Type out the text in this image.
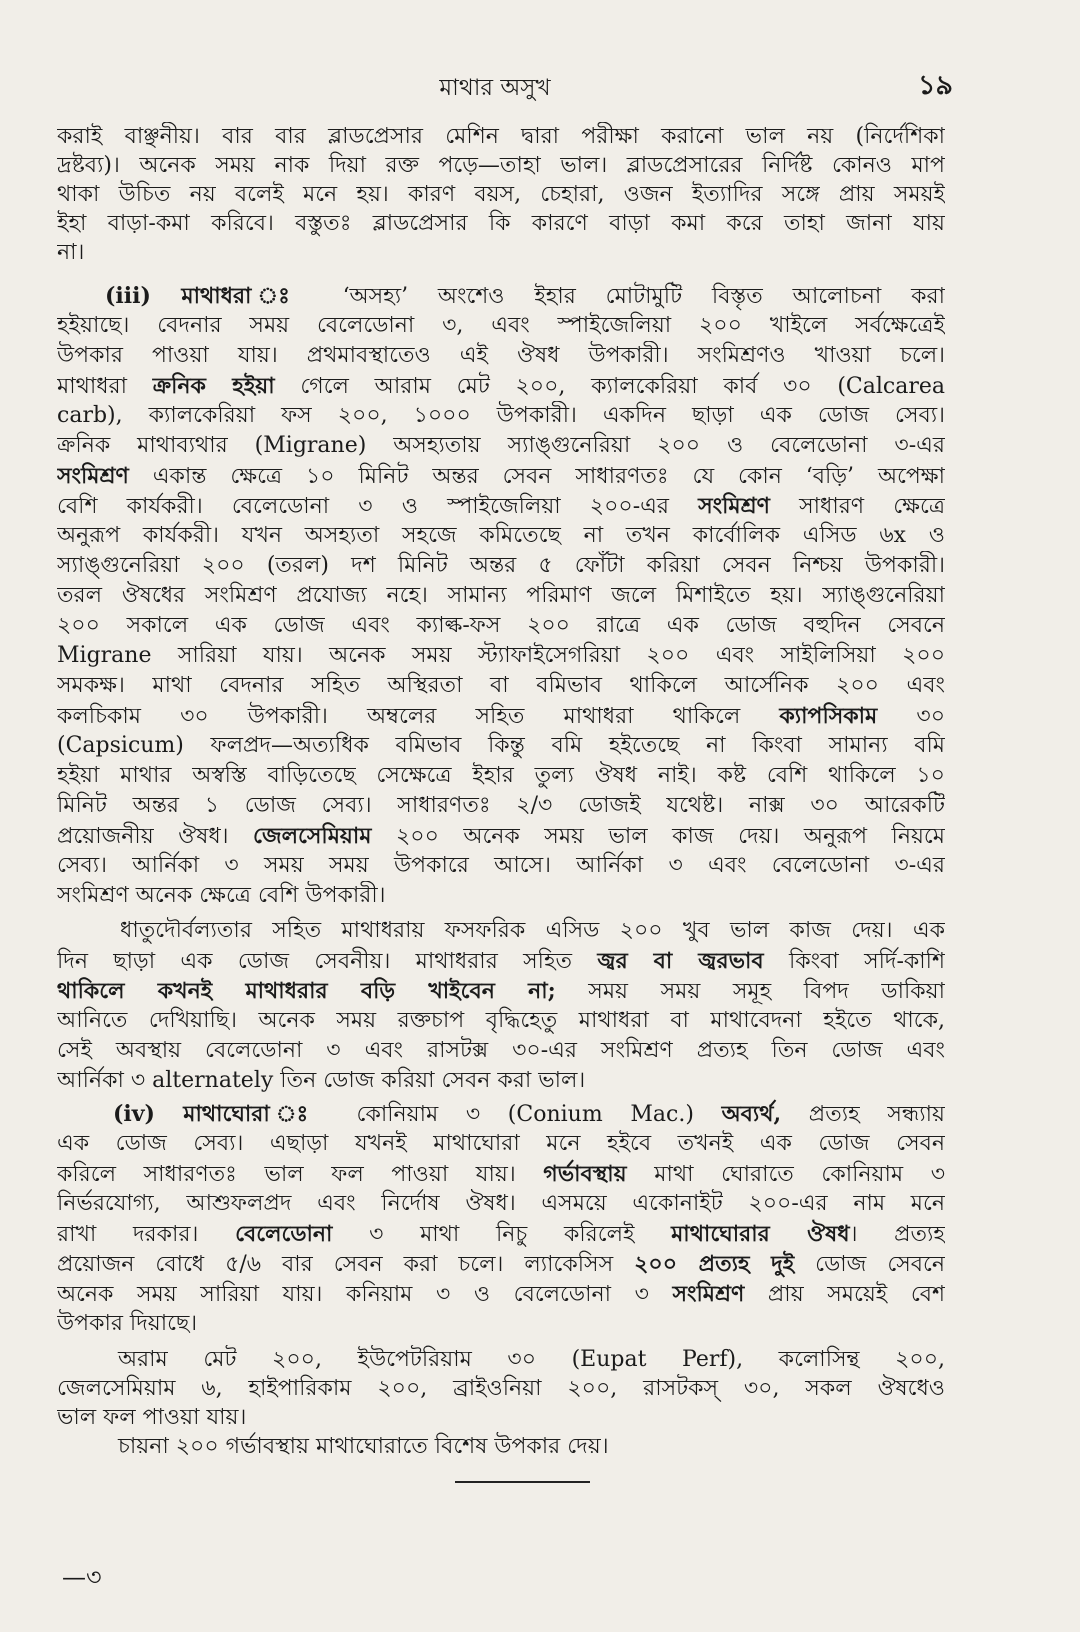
মাথার অসুখ	১৯
করাই বাঞ্ছনীয়। বার বার ব্লাডপ্রেসার মেশিন দ্বারা পরীক্ষা করানো ভাল নয় (নির্দেশিকা
দ্রষ্টব্য)। অনেক সময় নাক দিয়া রক্ত পড়ে—তাহা ভাল। ব্লাডপ্রেসারের নির্দিষ্ট কোনও মাপ
থাকা উচিত নয় বলেই মনে হয়। কারণ বয়স, চেহারা, ওজন ইত্যাদির সঙ্গে প্রায় সময়ই
ইহা বাড়া-কমা করিবে। বস্তুতঃ ব্লাডপ্রেসার কি কারণে বাড়া কমা করে তাহা জানা যায়
না।
(iii) মাথাধরা ঃ ‘অসহ্য’ অংশেও ইহার মোটামুটি বিস্তৃত আলোচনা করা
হইয়াছে। বেদনার সময় বেলেডোনা ৩, এবং স্পাইজেলিয়া ২০০ খাইলে সর্বক্ষেত্রেই
উপকার পাওয়া যায়। প্রথমাবস্থাতেও এই ঔষধ উপকারী। সংমিশ্রণও খাওয়া চলে।
মাথাধরা ক্রনিক হইয়া গেলে আরাম মেট ২০০, ক্যালকেরিয়া কার্ব ৩০ (Calcarea
carb), ক্যালকেরিয়া ফস ২০০, ১০০০ উপকারী। একদিন ছাড়া এক ডোজ সেব্য।
ক্রনিক মাথাব্যথার (Migrane) অসহ্যতায় স্যাঙ্গুনেরিয়া ২০০ ও বেলেডোনা ৩-এর
সংমিশ্রণ একান্ত ক্ষেত্রে ১০ মিনিট অন্তর সেবন সাধারণতঃ যে কোন ‘বড়ি’ অপেক্ষা
বেশি কার্যকরী। বেলেডোনা ৩ ও স্পাইজেলিয়া ২০০-এর সংমিশ্রণ সাধারণ ক্ষেত্রে
অনুরূপ কার্যকরী। যখন অসহ্যতা সহজে কমিতেছে না তখন কার্বোলিক এসিড ৬x ও
স্যাঙ্গুনেরিয়া ২০০ (তরল) দশ মিনিট অন্তর ৫ ফোঁটা করিয়া সেবন নিশ্চয় উপকারী।
তরল ঔষধের সংমিশ্রণ প্রযোজ্য নহে। সামান্য পরিমাণ জলে মিশাইতে হয়। স্যাঙ্গুনেরিয়া
২০০ সকালে এক ডোজ এবং ক্যাল্ক-ফস ২০০ রাত্রে এক ডোজ বহুদিন সেবনে
Migrane সারিয়া যায়। অনেক সময় স্ট্যাফাইসেগরিয়া ২০০ এবং সাইলিসিয়া ২০০
সমকক্ষ। মাথা বেদনার সহিত অস্থিরতা বা বমিভাব থাকিলে আর্সেনিক ২০০ এবং
কলচিকাম ৩০ উপকারী। অম্বলের সহিত মাথাধরা থাকিলে ক্যাপসিকাম ৩০
(Capsicum) ফলপ্রদ—অত্যধিক বমিভাব কিন্তু বমি হইতেছে না কিংবা সামান্য বমি
হইয়া মাথার অস্বস্তি বাড়িতেছে সেক্ষেত্রে ইহার তুল্য ঔষধ নাই। কষ্ট বেশি থাকিলে ১০
মিনিট অন্তর ১ ডোজ সেব্য। সাধারণতঃ ২/৩ ডোজই যথেষ্ট। নাক্স ৩০ আরেকটি
প্রয়োজনীয় ঔষধ। জেলসেমিয়াম ২০০ অনেক সময় ভাল কাজ দেয়। অনুরূপ নিয়মে
সেব্য। আর্নিকা ৩ সময় সময় উপকারে আসে। আর্নিকা ৩ এবং বেলেডোনা ৩-এর
সংমিশ্রণ অনেক ক্ষেত্রে বেশি উপকারী।
ধাতুদৌর্বল্যতার সহিত মাথাধরায় ফসফরিক এসিড ২০০ খুব ভাল কাজ দেয়। এক
দিন ছাড়া এক ডোজ সেবনীয়। মাথাধরার সহিত জ্বর বা জ্বরভাব কিংবা সর্দি-কাশি
থাকিলে কখনই মাথাধরার বড়ি খাইবেন না; সময় সময় সমূহ বিপদ ডাকিয়া
আনিতে দেখিয়াছি। অনেক সময় রক্তচাপ বৃদ্ধিহেতু মাথাধরা বা মাথাবেদনা হইতে থাকে,
সেই অবস্থায় বেলেডোনা ৩ এবং রাসটক্স ৩০-এর সংমিশ্রণ প্রত্যহ তিন ডোজ এবং
আর্নিকা ৩ alternately তিন ডোজ করিয়া সেবন করা ভাল।
(iv) মাথাঘোরা ঃ কোনিয়াম ৩ (Conium Mac.) অব্যর্থ, প্রত্যহ সন্ধ্যায়
এক ডোজ সেব্য। এছাড়া যখনই মাথাঘোরা মনে হইবে তখনই এক ডোজ সেবন
করিলে সাধারণতঃ ভাল ফল পাওয়া যায়। গর্ভাবস্থায় মাথা ঘোরাতে কোনিয়াম ৩
নির্ভরযোগ্য, আশুফলপ্রদ এবং নির্দোষ ঔষধ। এসময়ে একোনাইট ২০০-এর নাম মনে
রাখা দরকার। বেলেডোনা ৩ মাথা নিচু করিলেই মাথাঘোরার ঔষধ। প্রত্যহ
প্রয়োজন বোধে ৫/৬ বার সেবন করা চলে। ল্যাকেসিস ২০০ প্রত্যহ দুই ডোজ সেবনে
অনেক সময় সারিয়া যায়। কনিয়াম ৩ ও বেলেডোনা ৩ সংমিশ্রণ প্রায় সময়েই বেশ
উপকার দিয়াছে।
অরাম মেট ২০০, ইউপেটরিয়াম ৩০ (Eupat Perf), কলোসিন্থ ২০০,
জেলসেমিয়াম ৬, হাইপারিকাম ২০০, ব্রাইওনিয়া ২০০, রাসটকস্ ৩০, সকল ঔষধেও
ভাল ফল পাওয়া যায়।
চায়না ২০০ গর্ভাবস্থায় মাথাঘোরাতে বিশেষ উপকার দেয়।
—৩
